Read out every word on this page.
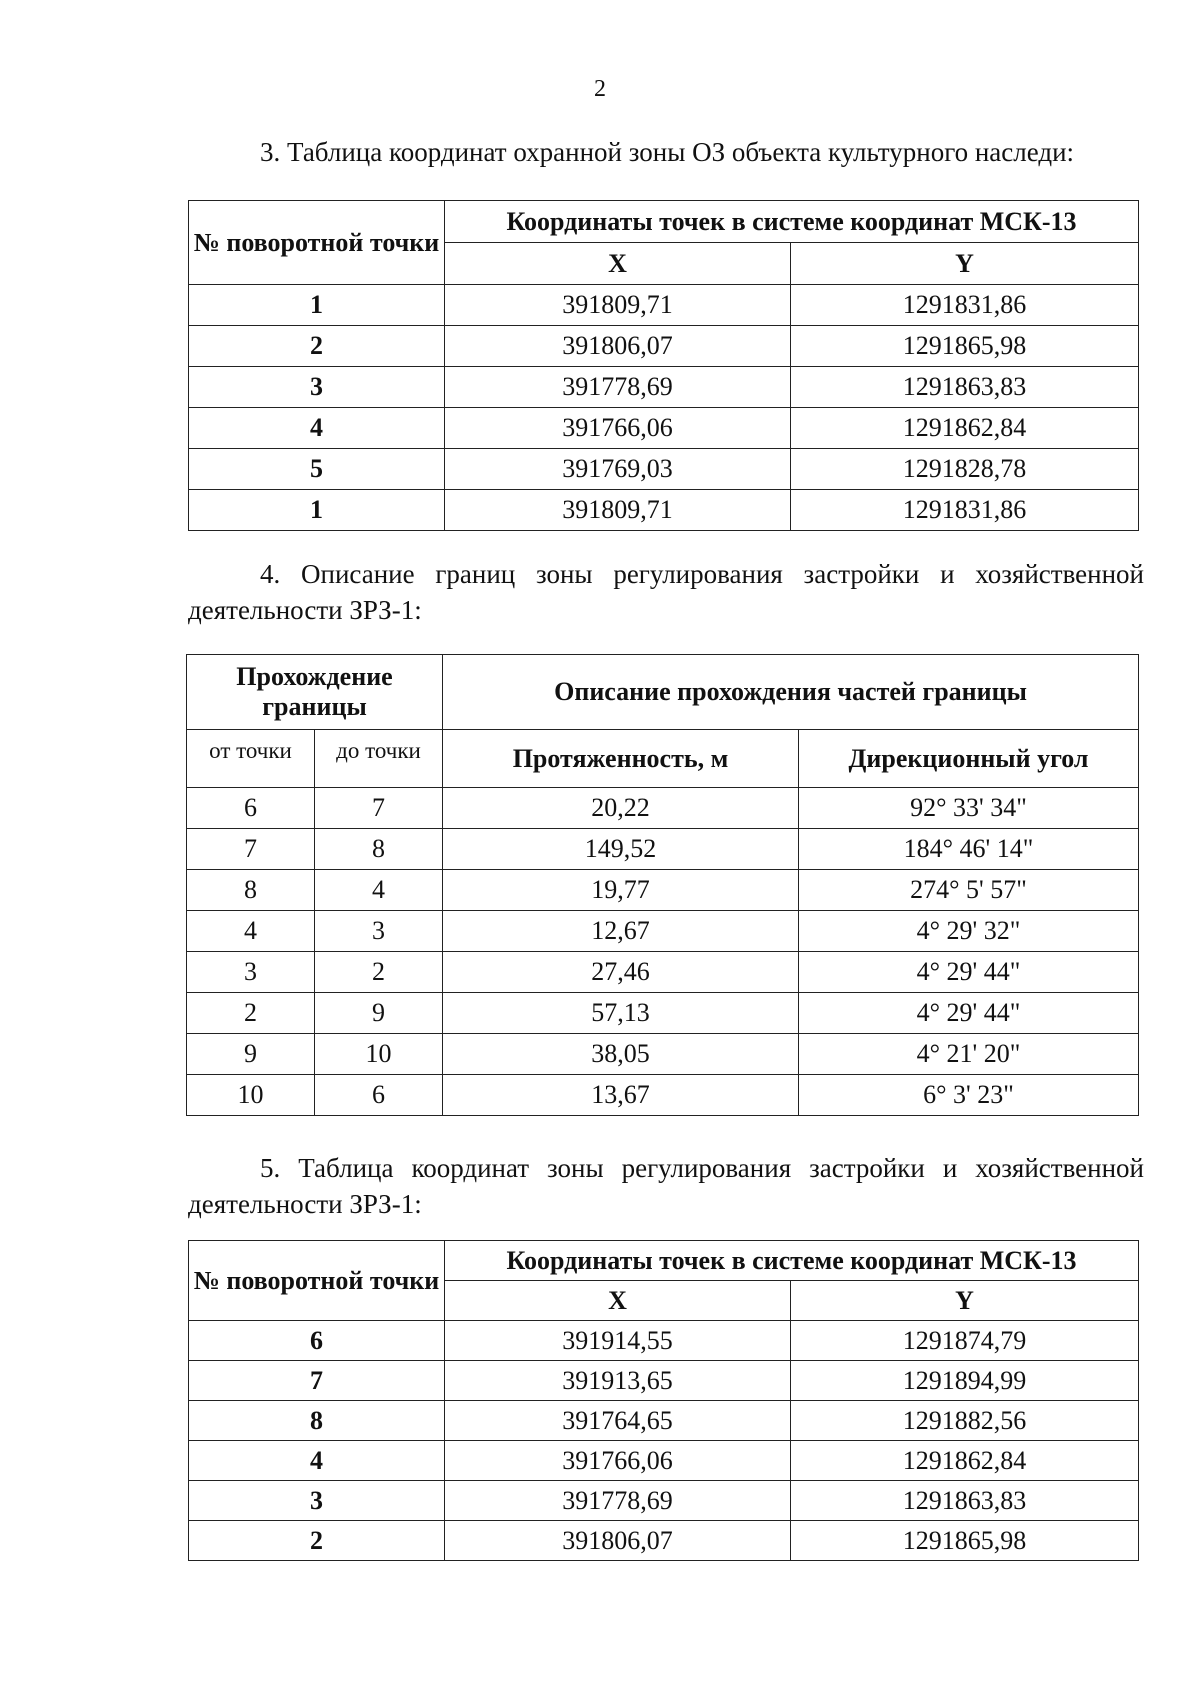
2

3. Таблица координат охранной зоны ОЗ объекта культурного наследи:

№ поворотной точки	Координаты точек в системе координат МСК-13	
	X	Y
1	391809,71	1291831,86
2	391806,07	1291865,98
3	391778,69	1291863,83
4	391766,06	1291862,84
5	391769,03	1291828,78
1	391809,71	1291831,86

4. Описание границ зоны регулирования застройки и хозяйственной деятельности ЗРЗ-1:

Прохождение границы		Описание прохождения частей границы	
от точки	до точки	Протяженность, м	Дирекционный угол
6	7	20,22	92° 33' 34"
7	8	149,52	184° 46' 14"
8	4	19,77	274° 5' 57"
4	3	12,67	4° 29' 32"
3	2	27,46	4° 29' 44"
2	9	57,13	4° 29' 44"
9	10	38,05	4° 21' 20"
10	6	13,67	6° 3' 23"

5. Таблица координат зоны регулирования застройки и хозяйственной деятельности ЗРЗ-1:

№ поворотной точки	Координаты точек в системе координат МСК-13	
	X	Y
6	391914,55	1291874,79
7	391913,65	1291894,99
8	391764,65	1291882,56
4	391766,06	1291862,84
3	391778,69	1291863,83
2	391806,07	1291865,98
